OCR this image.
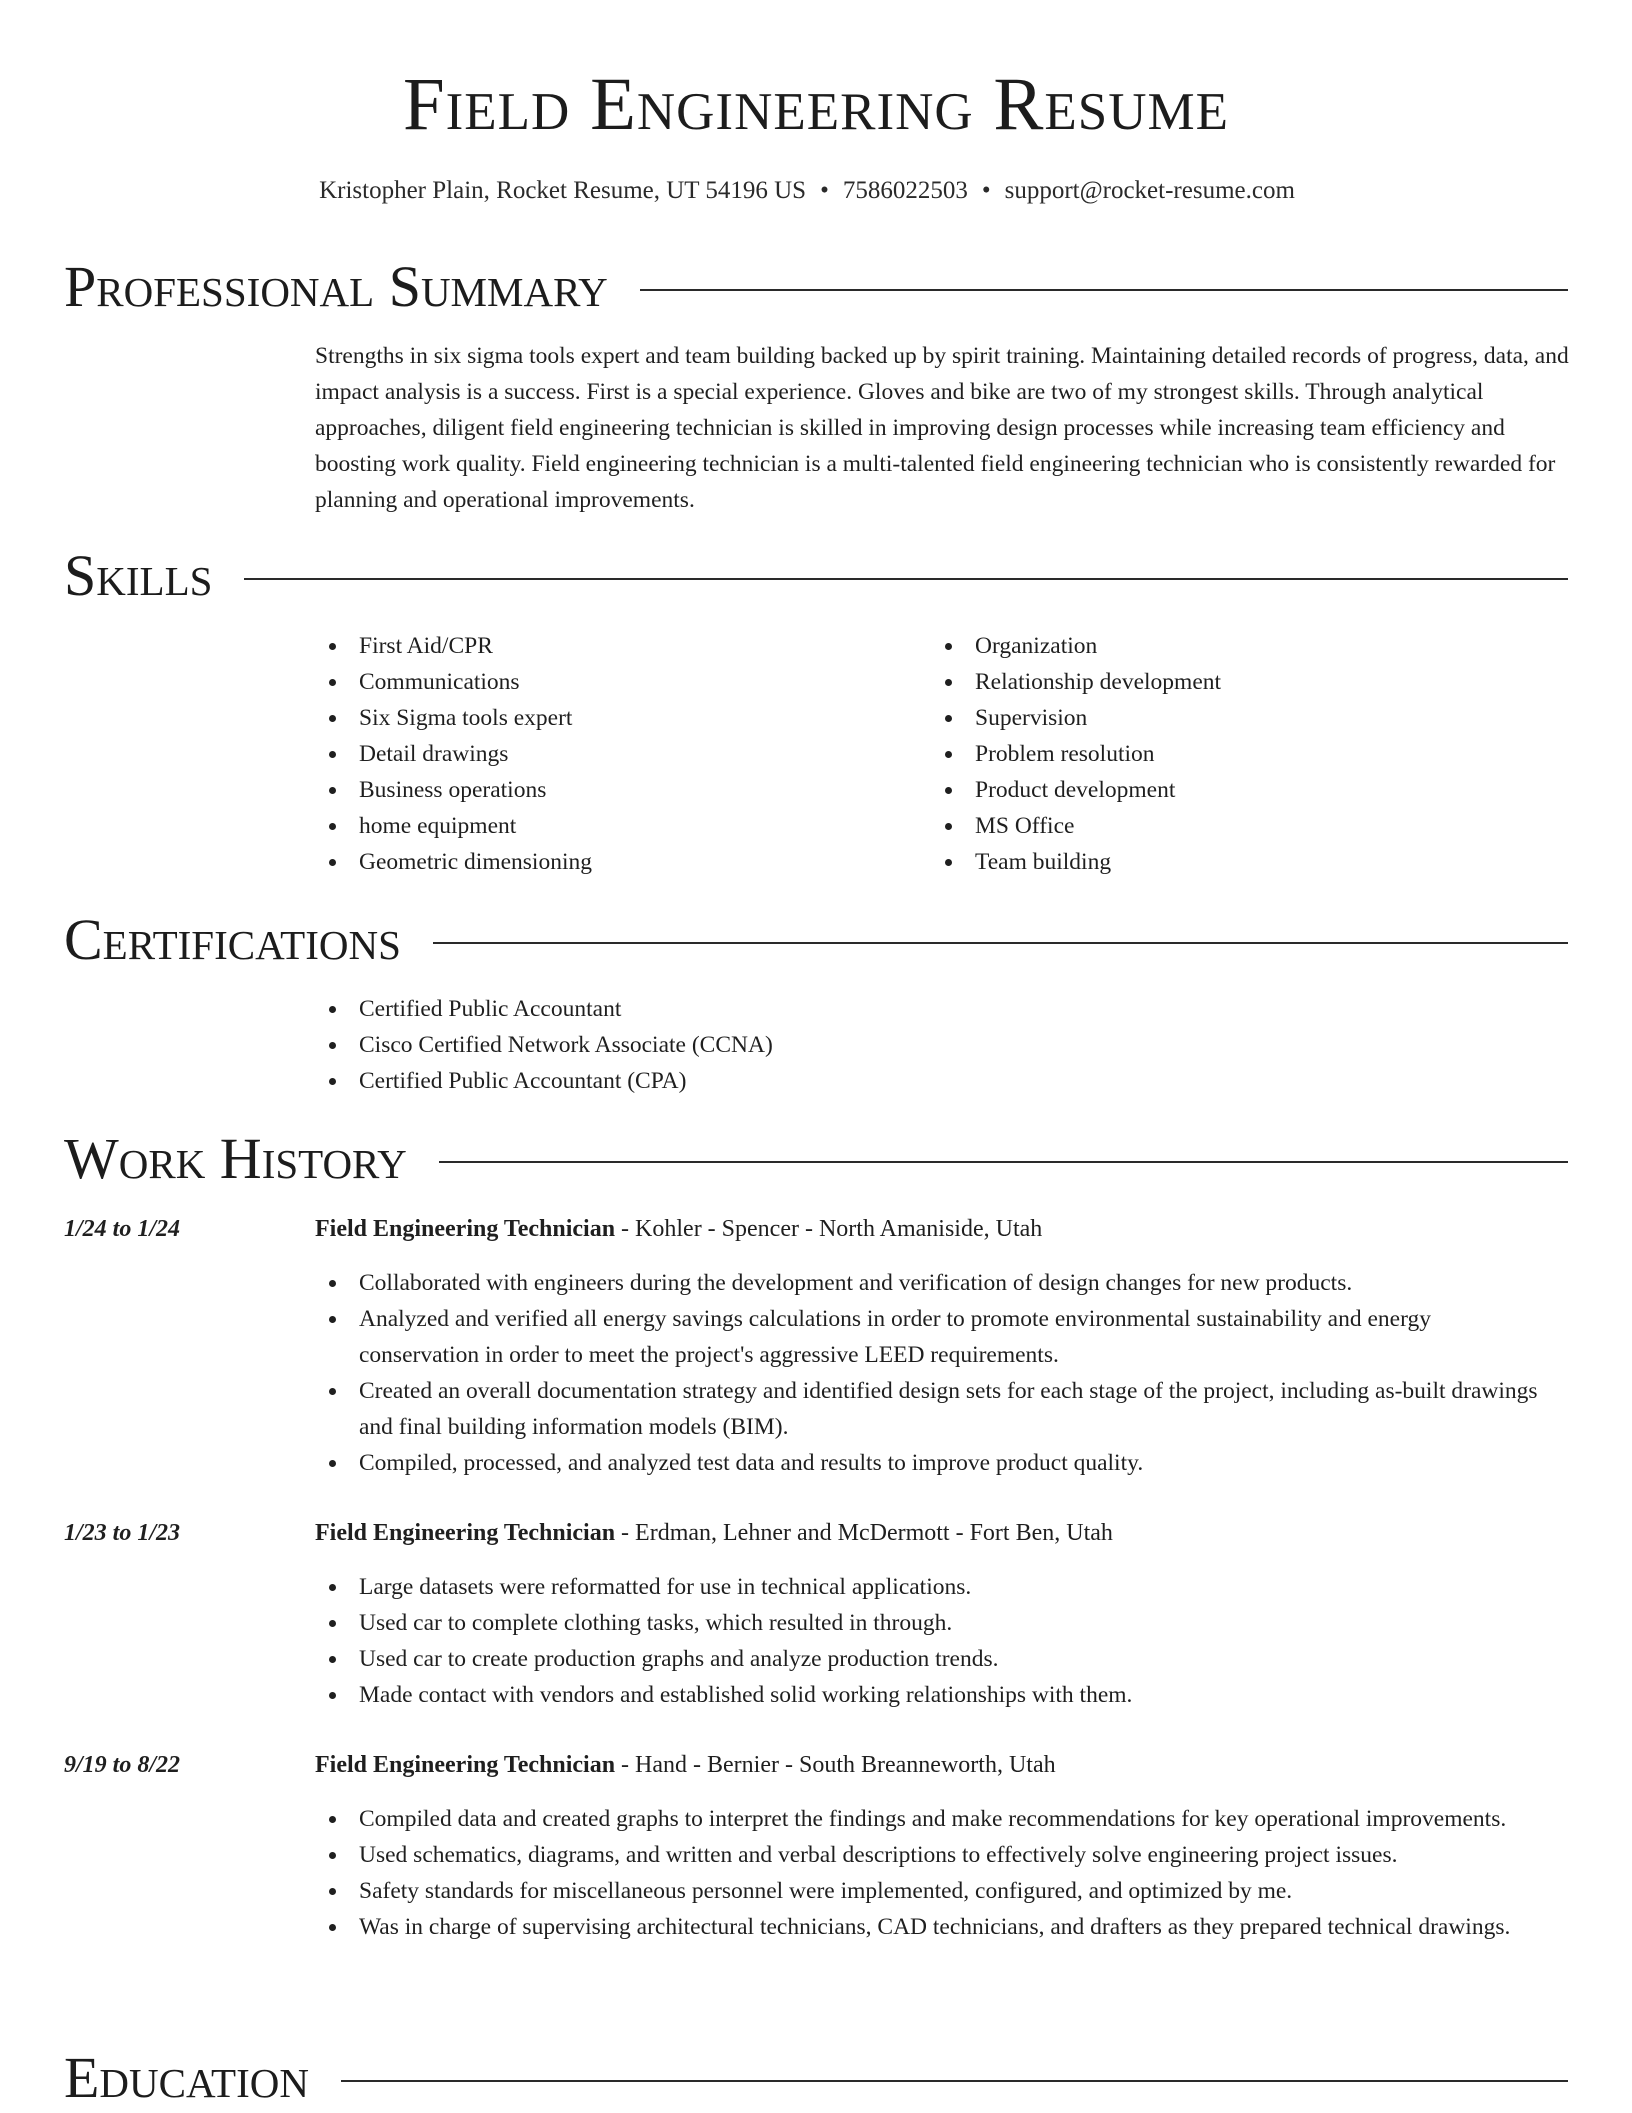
Field Engineering Resume
Kristopher Plain, Rocket Resume, UT 54196 US • 7586022503 • support@rocket-resume.com
Professional Summary

Strengths in six sigma tools expert and team building backed up by spirit training. Maintaining detailed records of progress, data, and impact analysis is a success. First is a special experience. Gloves and bike are two of my strongest skills. Through analytical approaches, diligent field engineering technician is skilled in improving design processes while increasing team efficiency and boosting work quality. Field engineering technician is a multi-talented field engineering technician who is consistently rewarded for planning and operational improvements.

Skills
First Aid/CPR
Communications
Six Sigma tools expert
Detail drawings
Business operations
home equipment
Geometric dimensioning
Organization
Relationship development
Supervision
Problem resolution
Product development
MS Office
Team building
Certifications
Certified Public Accountant
Cisco Certified Network Associate (CCNA)
Certified Public Accountant (CPA)
Work History
1/24 to 1/24	Field Engineering Technician - Kohler - Spencer - North Amaniside, Utah
Collaborated with engineers during the development and verification of design changes for new products.
Analyzed and verified all energy savings calculations in order to promote environmental sustainability and energy conservation in order to meet the project's aggressive LEED requirements.
Created an overall documentation strategy and identified design sets for each stage of the project, including as-built drawings and final building information models (BIM).
Compiled, processed, and analyzed test data and results to improve product quality.
1/23 to 1/23	Field Engineering Technician - Erdman, Lehner and McDermott - Fort Ben, Utah
Large datasets were reformatted for use in technical applications.
Used car to complete clothing tasks, which resulted in through.
Used car to create production graphs and analyze production trends.
Made contact with vendors and established solid working relationships with them.
9/19 to 8/22	Field Engineering Technician - Hand - Bernier - South Breanneworth, Utah
Compiled data and created graphs to interpret the findings and make recommendations for key operational improvements.
Used schematics, diagrams, and written and verbal descriptions to effectively solve engineering project issues.
Safety standards for miscellaneous personnel were implemented, configured, and optimized by me.
Was in charge of supervising architectural technicians, CAD technicians, and drafters as they prepared technical drawings.
Education
